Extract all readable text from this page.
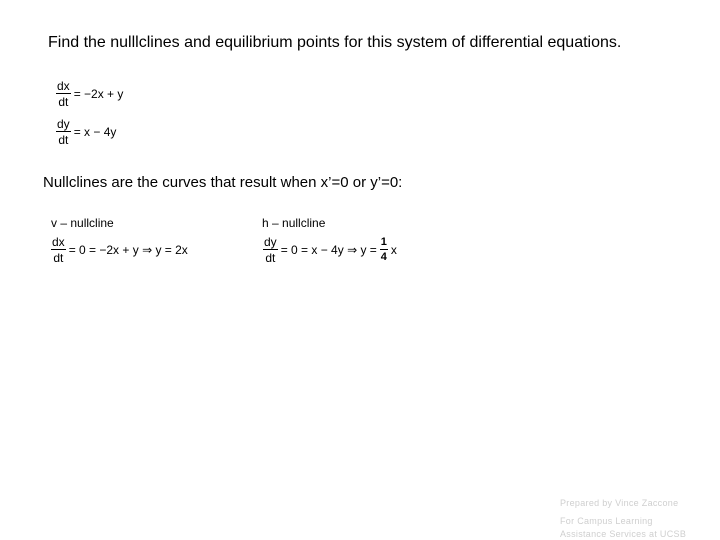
Find the nulllclines and equilibrium points for this system of differential equations.
$\frac{dx}{dt} = -2x + y$
$\frac{dy}{dt} = x - 4y$
Nullclines are the curves that result when x’=0 or y’=0:
v – nullcline
$\frac{dx}{dt} = 0 = -2x + y$ ⇒ y = 2x
h – nullcline
$\frac{dy}{dt} = 0 = x - 4y$ ⇒ $y = \frac{1}{4}$ x
Prepared by Vince Zaccone
For Campus Learning
Assistance Services at UCSB
